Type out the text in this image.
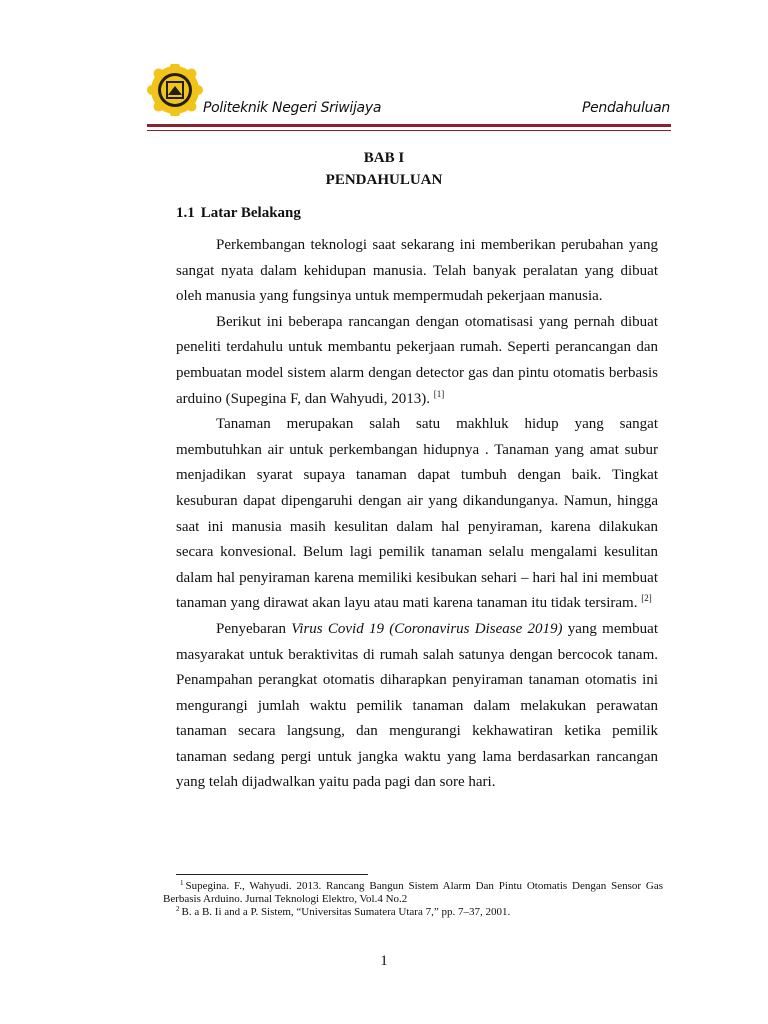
Politeknik Negeri Sriwijaya	Pendahuluan
BAB I
PENDAHULUAN
1.1 Latar Belakang

Perkembangan teknologi saat sekarang ini memberikan perubahan yang sangat nyata dalam kehidupan manusia. Telah banyak peralatan yang dibuat oleh manusia yang fungsinya untuk mempermudah pekerjaan manusia.

Berikut ini beberapa rancangan dengan otomatisasi yang pernah dibuat peneliti terdahulu untuk membantu pekerjaan rumah. Seperti perancangan dan pembuatan model sistem alarm dengan detector gas dan pintu otomatis berbasis arduino (Supegina F, dan Wahyudi, 2013). [1]

Tanaman merupakan salah satu makhluk hidup yang sangat membutuhkan air untuk perkembangan hidupnya . Tanaman yang amat subur menjadikan syarat supaya tanaman dapat tumbuh dengan baik. Tingkat kesuburan dapat dipengaruhi dengan air yang dikandunganya. Namun, hingga saat ini manusia masih kesulitan dalam hal penyiraman, karena dilakukan secara konvesional. Belum lagi pemilik tanaman selalu mengalami kesulitan dalam hal penyiraman karena memiliki kesibukan sehari – hari hal ini membuat tanaman yang dirawat akan layu atau mati karena tanaman itu tidak tersiram. [2]

Penyebaran Virus Covid 19 (Coronavirus Disease 2019) yang membuat masyarakat untuk beraktivitas di rumah salah satunya dengan bercocok tanam. Penampahan perangkat otomatis diharapkan penyiraman tanaman otomatis ini mengurangi jumlah waktu pemilik tanaman dalam melakukan perawatan tanaman secara langsung, dan mengurangi kekhawatiran ketika pemilik tanaman sedang pergi untuk jangka waktu yang lama berdasarkan rancangan yang telah dijadwalkan yaitu pada pagi dan sore hari.

$^1$ Supegina. F., Wahyudi. 2013. Rancang Bangun Sistem Alarm Dan Pintu Otomatis Dengan Sensor Gas Berbasis Arduino. Jurnal Teknologi Elektro, Vol.4 No.2

$^2$ B. a B. Ii and a P. Sistem, “Universitas Sumatera Utara 7,” pp. 7–37, 2001.

1
